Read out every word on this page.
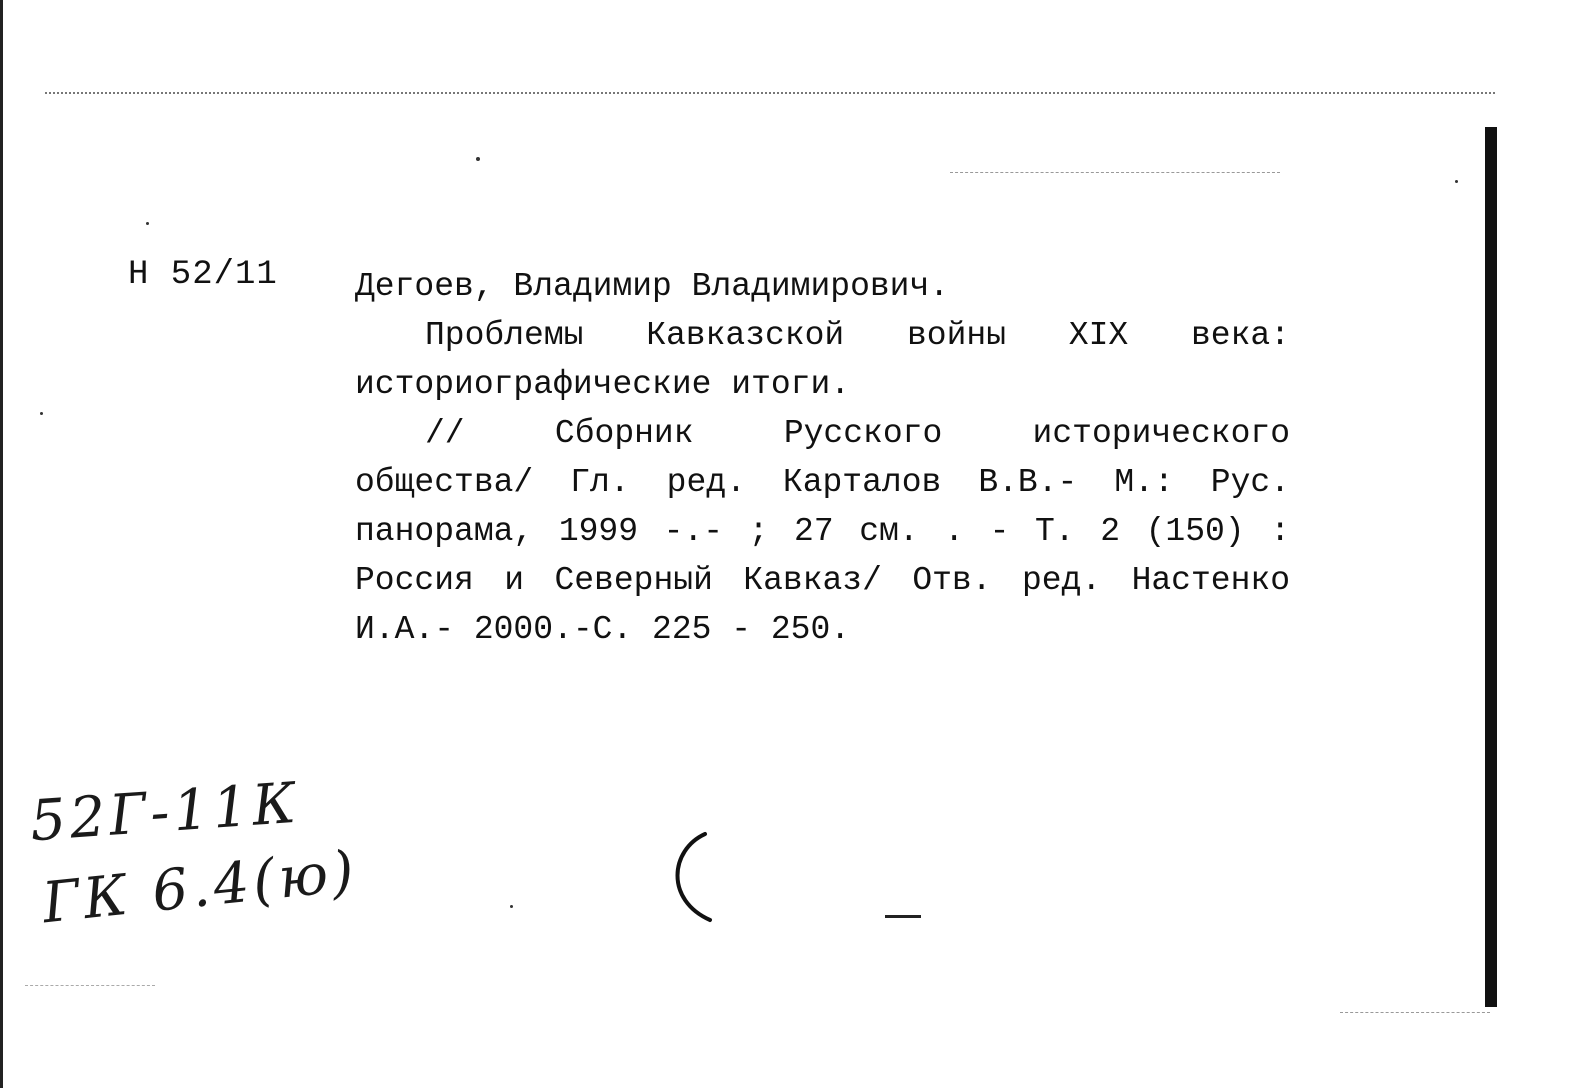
Н 52/11 Дегоев, Владимир Владимирович.
Проблемы Кавказской войны XIX века:
историографические итоги.
// Сборник Русского исторического
общества/ Гл. ред. Карталов В.В.- М.: Рус.
панорама, 1999 -.- ; 27 см. . - Т. 2 (150) :
Россия и Северный Кавказ/ Отв. ред. Настенко
И.А.- 2000.-С. 225 - 250.
52Г-11К
ГК 6.4(ю)
